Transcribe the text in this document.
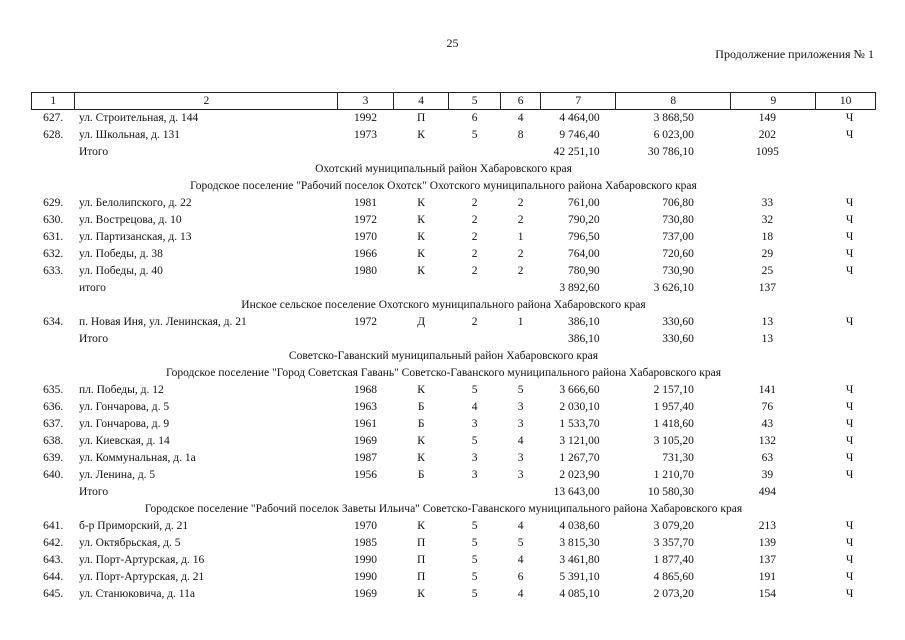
25
Продолжение приложения № 1
1	2	3	4	5	6	7	8	9	10
627.	ул. Строительная, д. 144	1992	П	6	4	4 464,00	3 868,50	149	Ч
628.	ул. Школьная, д. 131	1973	К	5	8	9 746,40	6 023,00	202	Ч
	Итого					42 251,10	30 786,10	1095	
Охотский муниципальный район Хабаровского края									
Городское поселение "Рабочий поселок Охотск" Охотского муниципального района Хабаровского края									
629.	ул. Белолипского, д. 22	1981	К	2	2	761,00	706,80	33	Ч
630.	ул. Вострецова, д. 10	1972	К	2	2	790,20	730,80	32	Ч
631.	ул. Партизанская, д. 13	1970	К	2	1	796,50	737,00	18	Ч
632.	ул. Победы, д. 38	1966	К	2	2	764,00	720,60	29	Ч
633.	ул. Победы, д. 40	1980	К	2	2	780,90	730,90	25	Ч
	итого					3 892,60	3 626,10	137	
Инское сельское поселение Охотского муниципального района Хабаровского края									
634.	п. Новая Иня, ул. Ленинская, д. 21	1972	Д	2	1	386,10	330,60	13	Ч
	Итого					386,10	330,60	13	
Советско-Гаванский муниципальный район Хабаровского края									
Городское поселение "Город Советская Гавань" Советско-Гаванского муниципального района Хабаровского края									
635.	пл. Победы, д. 12	1968	К	5	5	3 666,60	2 157,10	141	Ч
636.	ул. Гончарова, д. 5	1963	Б	4	3	2 030,10	1 957,40	76	Ч
637.	ул. Гончарова, д. 9	1961	Б	3	3	1 533,70	1 418,60	43	Ч
638.	ул. Киевская, д. 14	1969	К	5	4	3 121,00	3 105,20	132	Ч
639.	ул. Коммунальная, д. 1а	1987	К	3	3	1 267,70	731,30	63	Ч
640.	ул. Ленина, д. 5	1956	Б	3	3	2 023,90	1 210,70	39	Ч
	Итого					13 643,00	10 580,30	494	
Городское поселение "Рабочий поселок Заветы Ильича" Советско-Гаванского муниципального района Хабаровского края									
641.	б-р Приморский, д. 21	1970	К	5	4	4 038,60	3 079,20	213	Ч
642.	ул. Октябрьская, д. 5	1985	П	5	5	3 815,30	3 357,70	139	Ч
643.	ул. Порт-Артурская, д. 16	1990	П	5	4	3 461,80	1 877,40	137	Ч
644.	ул. Порт-Артурская, д. 21	1990	П	5	6	5 391,10	4 865,60	191	Ч
645.	ул. Станюковича, д. 11а	1969	К	5	4	4 085,10	2 073,20	154	Ч
